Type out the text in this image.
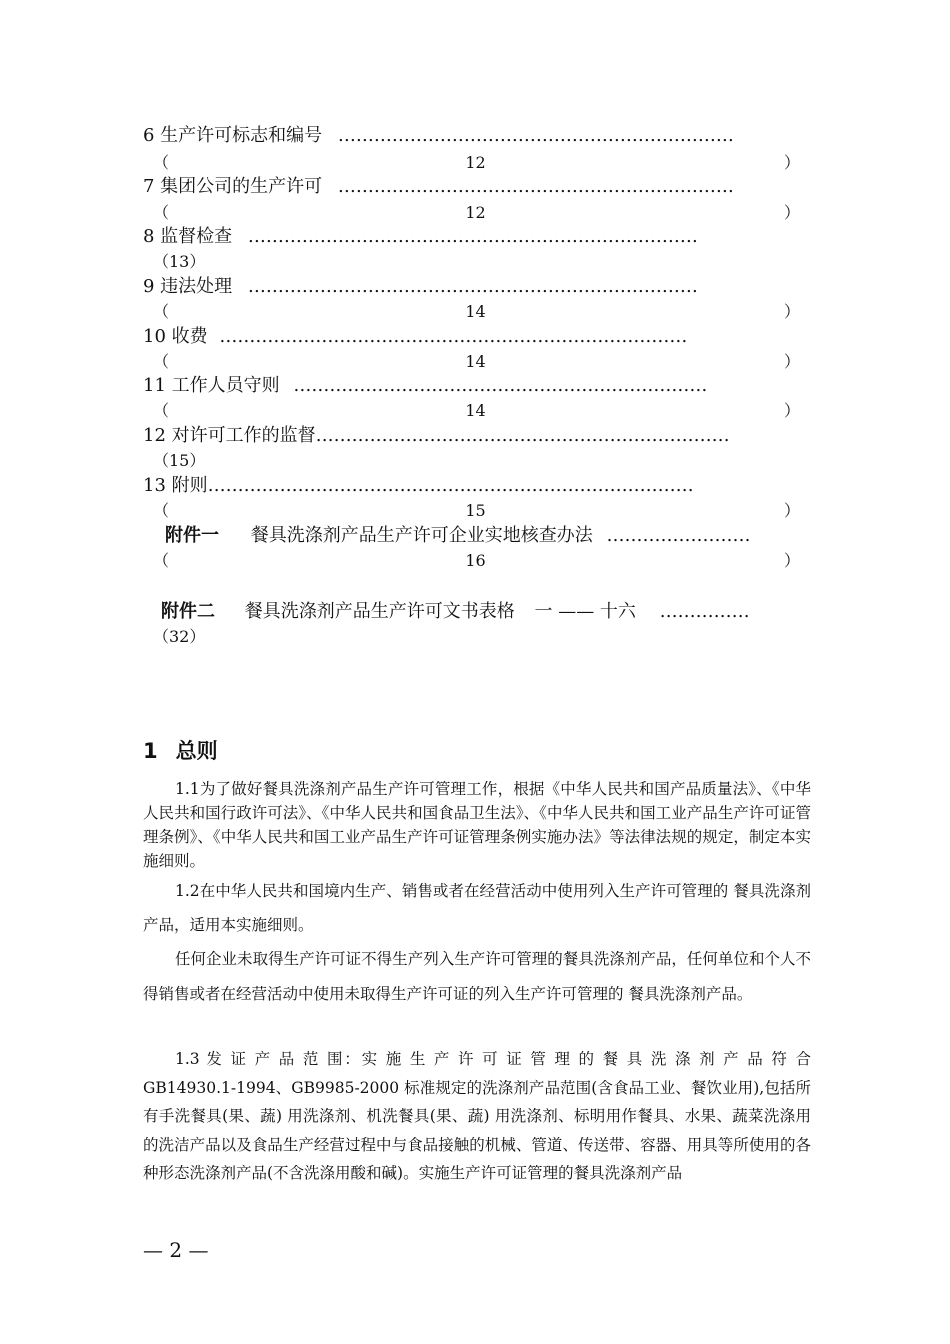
6 生产许可标志和编号 …………………………………………………………
（	12	）
7 集团公司的生产许可 …………………………………………………………
（	12	）
8 监督检查 …………………………………………………………………
（13）
9 违法处理 …………………………………………………………………
（	14	）
10 收费 ……………………………………………………………………
（	14	）
11 工作人员守则 ……………………………………………………………
（	14	）
12 对许可工作的监督……………………………………………………………
（15）
13 附则………………………………………………………………………
（	15	）
附件一 餐具洗涤剂产品生产许可企业实地核查办法 ……………………
（	16	）
附件二 餐具洗涤剂产品生产许可文书表格 一 —— 十六 ……………
（32）
1 总则
1.1为了做好餐具洗涤剂产品生产许可管理工作，根据《中华人民共和国产品质量法》、《中华人民共和国行政许可法》、《中华人民共和国食品卫生法》、《中华人民共和国工业产品生产许可证管理条例》、《中华人民共和国工业产品生产许可证管理条例实施办法》等法律法规的规定，制定本实施细则。
1.2在中华人民共和国境内生产、销售或者在经营活动中使用列入生产许可管理的 餐具洗涤剂产品，适用本实施细则。
任何企业未取得生产许可证不得生产列入生产许可管理的餐具洗涤剂产品，任何单位和个人不得销售或者在经营活动中使用未取得生产许可证的列入生产许可管理的 餐具洗涤剂产品。
1.3 发 证 产 品 范 围：实 施 生 产 许 可 证 管 理 的 餐 具 洗 涤 剂 产 品 符 合 GB14930.1-1994、GB9985-2000 标准规定的洗涤剂产品范围(含食品工业、餐饮业用),包括所有手洗餐具(果、蔬) 用洗涤剂、机洗餐具(果、蔬) 用洗涤剂、标明用作餐具、水果、蔬菜洗涤用的洗洁产品以及食品生产经营过程中与食品接触的机械、管道、传送带、容器、用具等所使用的各种形态洗涤剂产品(不含洗涤用酸和碱)。实施生产许可证管理的餐具洗涤剂产品
— 2 —
